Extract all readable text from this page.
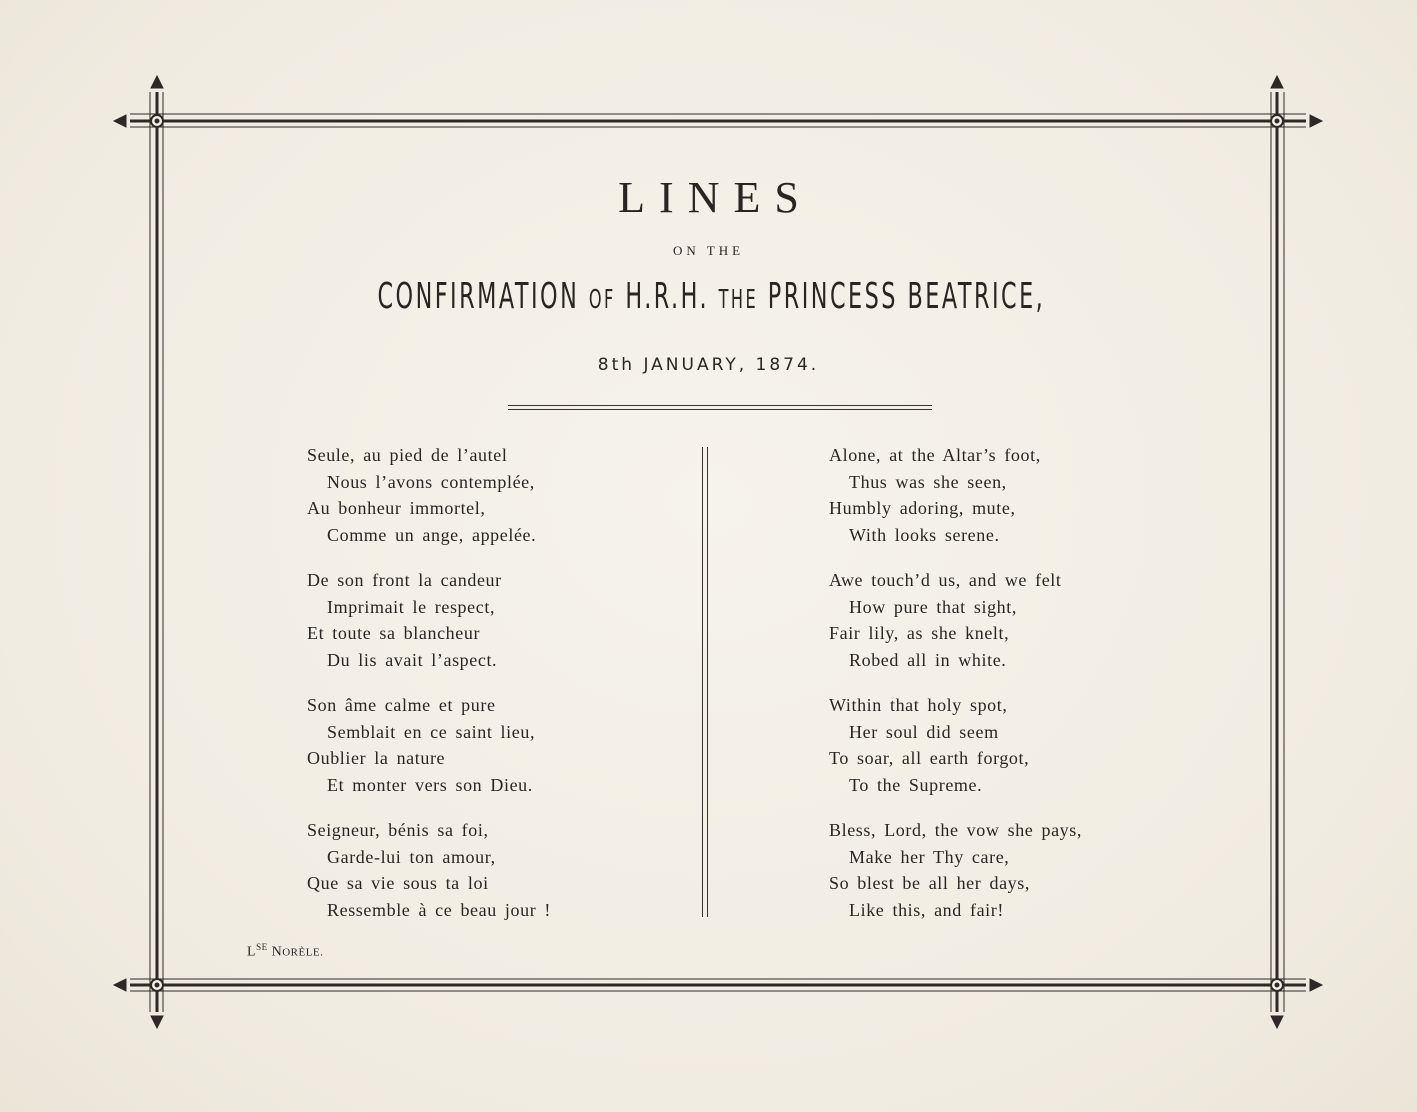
LINES
ON THE
CONFIRMATION OF H.R.H. THE PRINCESS BEATRICE,
8th JANUARY, 1874.
Seule, au pied de l’autel
Nous l’avons contemplée,
Au bonheur immortel,
Comme un ange, appelée.
De son front la candeur
Imprimait le respect,
Et toute sa blancheur
Du lis avait l’aspect.
Son âme calme et pure
Semblait en ce saint lieu,
Oublier la nature
Et monter vers son Dieu.
Seigneur, bénis sa foi,
Garde-lui ton amour,
Que sa vie sous ta loi
Ressemble à ce beau jour !
Alone, at the Altar’s foot,
Thus was she seen,
Humbly adoring, mute,
With looks serene.
Awe touch’d us, and we felt
How pure that sight,
Fair lily, as she knelt,
Robed all in white.
Within that holy spot,
Her soul did seem
To soar, all earth forgot,
To the Supreme.
Bless, Lord, the vow she pays,
Make her Thy care,
So blest be all her days,
Like this, and fair!
$L^{SE}$ NORÈLE.
